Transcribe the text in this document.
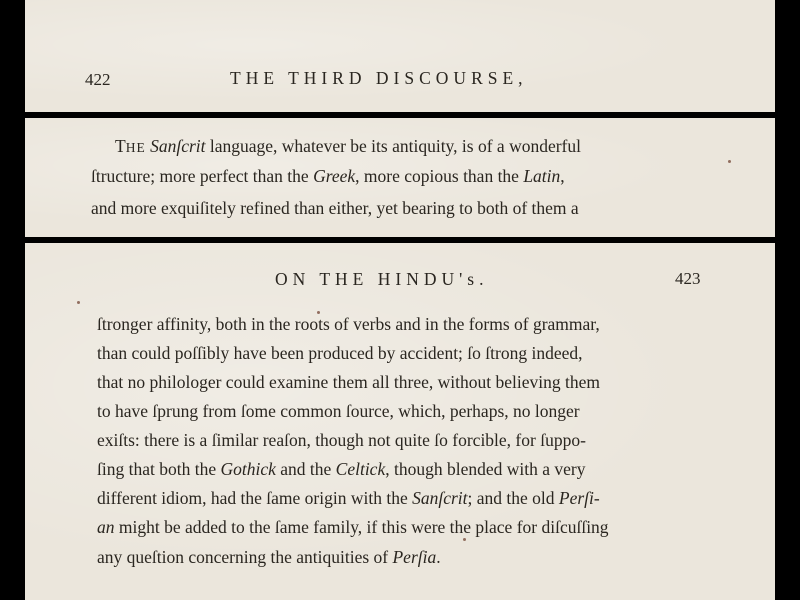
422	THE THIRD DISCOURSE,
THE Sanſcrit language, whatever be its antiquity, is of a wonderful
ſtructure; more perfect than the Greek, more copious than the Latin,
and more exquiſitely refined than either, yet bearing to both of them a
ON THE HINDU's.	423
ſtronger affinity, both in the roots of verbs and in the forms of grammar,
than could poſſibly have been produced by accident; ſo ſtrong indeed,
that no philologer could examine them all three, without believing them
to have ſprung from ſome common ſource, which, perhaps, no longer
exiſts: there is a ſimilar reaſon, though not quite ſo forcible, for ſuppo-
ſing that both the Gothick and the Celtick, though blended with a very
different idiom, had the ſame origin with the Sanſcrit; and the old Perſi-
an might be added to the ſame family, if this were the place for diſcuſſing
any queſtion concerning the antiquities of Perſia.
